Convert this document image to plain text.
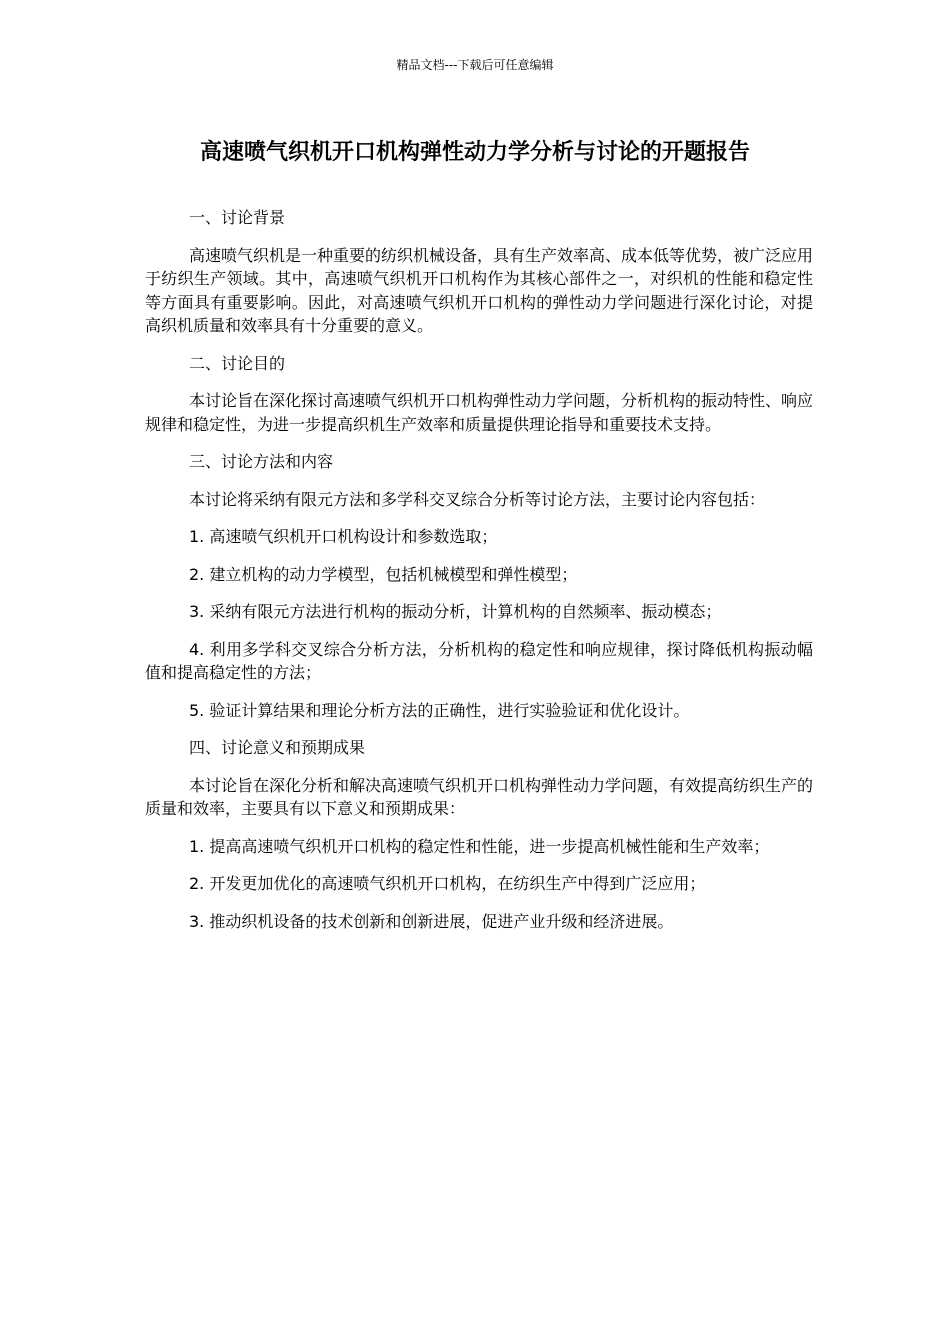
精品文档---下载后可任意编辑
高速喷气织机开口机构弹性动力学分析与讨论的开题报告

一、讨论背景

高速喷气织机是一种重要的纺织机械设备，具有生产效率高、成本低等优势，被广泛应用于纺织生产领域。其中，高速喷气织机开口机构作为其核心部件之一，对织机的性能和稳定性等方面具有重要影响。因此，对高速喷气织机开口机构的弹性动力学问题进行深化讨论，对提高织机质量和效率具有十分重要的意义。

二、讨论目的

本讨论旨在深化探讨高速喷气织机开口机构弹性动力学问题，分析机构的振动特性、响应规律和稳定性，为进一步提高织机生产效率和质量提供理论指导和重要技术支持。

三、讨论方法和内容

本讨论将采纳有限元方法和多学科交叉综合分析等讨论方法，主要讨论内容包括：

1. 高速喷气织机开口机构设计和参数选取；

2. 建立机构的动力学模型，包括机械模型和弹性模型；

3. 采纳有限元方法进行机构的振动分析，计算机构的自然频率、振动模态；

4. 利用多学科交叉综合分析方法，分析机构的稳定性和响应规律，探讨降低机构振动幅值和提高稳定性的方法；

5. 验证计算结果和理论分析方法的正确性，进行实验验证和优化设计。

四、讨论意义和预期成果

本讨论旨在深化分析和解决高速喷气织机开口机构弹性动力学问题，有效提高纺织生产的质量和效率，主要具有以下意义和预期成果：

1. 提高高速喷气织机开口机构的稳定性和性能，进一步提高机械性能和生产效率；

2. 开发更加优化的高速喷气织机开口机构，在纺织生产中得到广泛应用；

3. 推动织机设备的技术创新和创新进展，促进产业升级和经济进展。
